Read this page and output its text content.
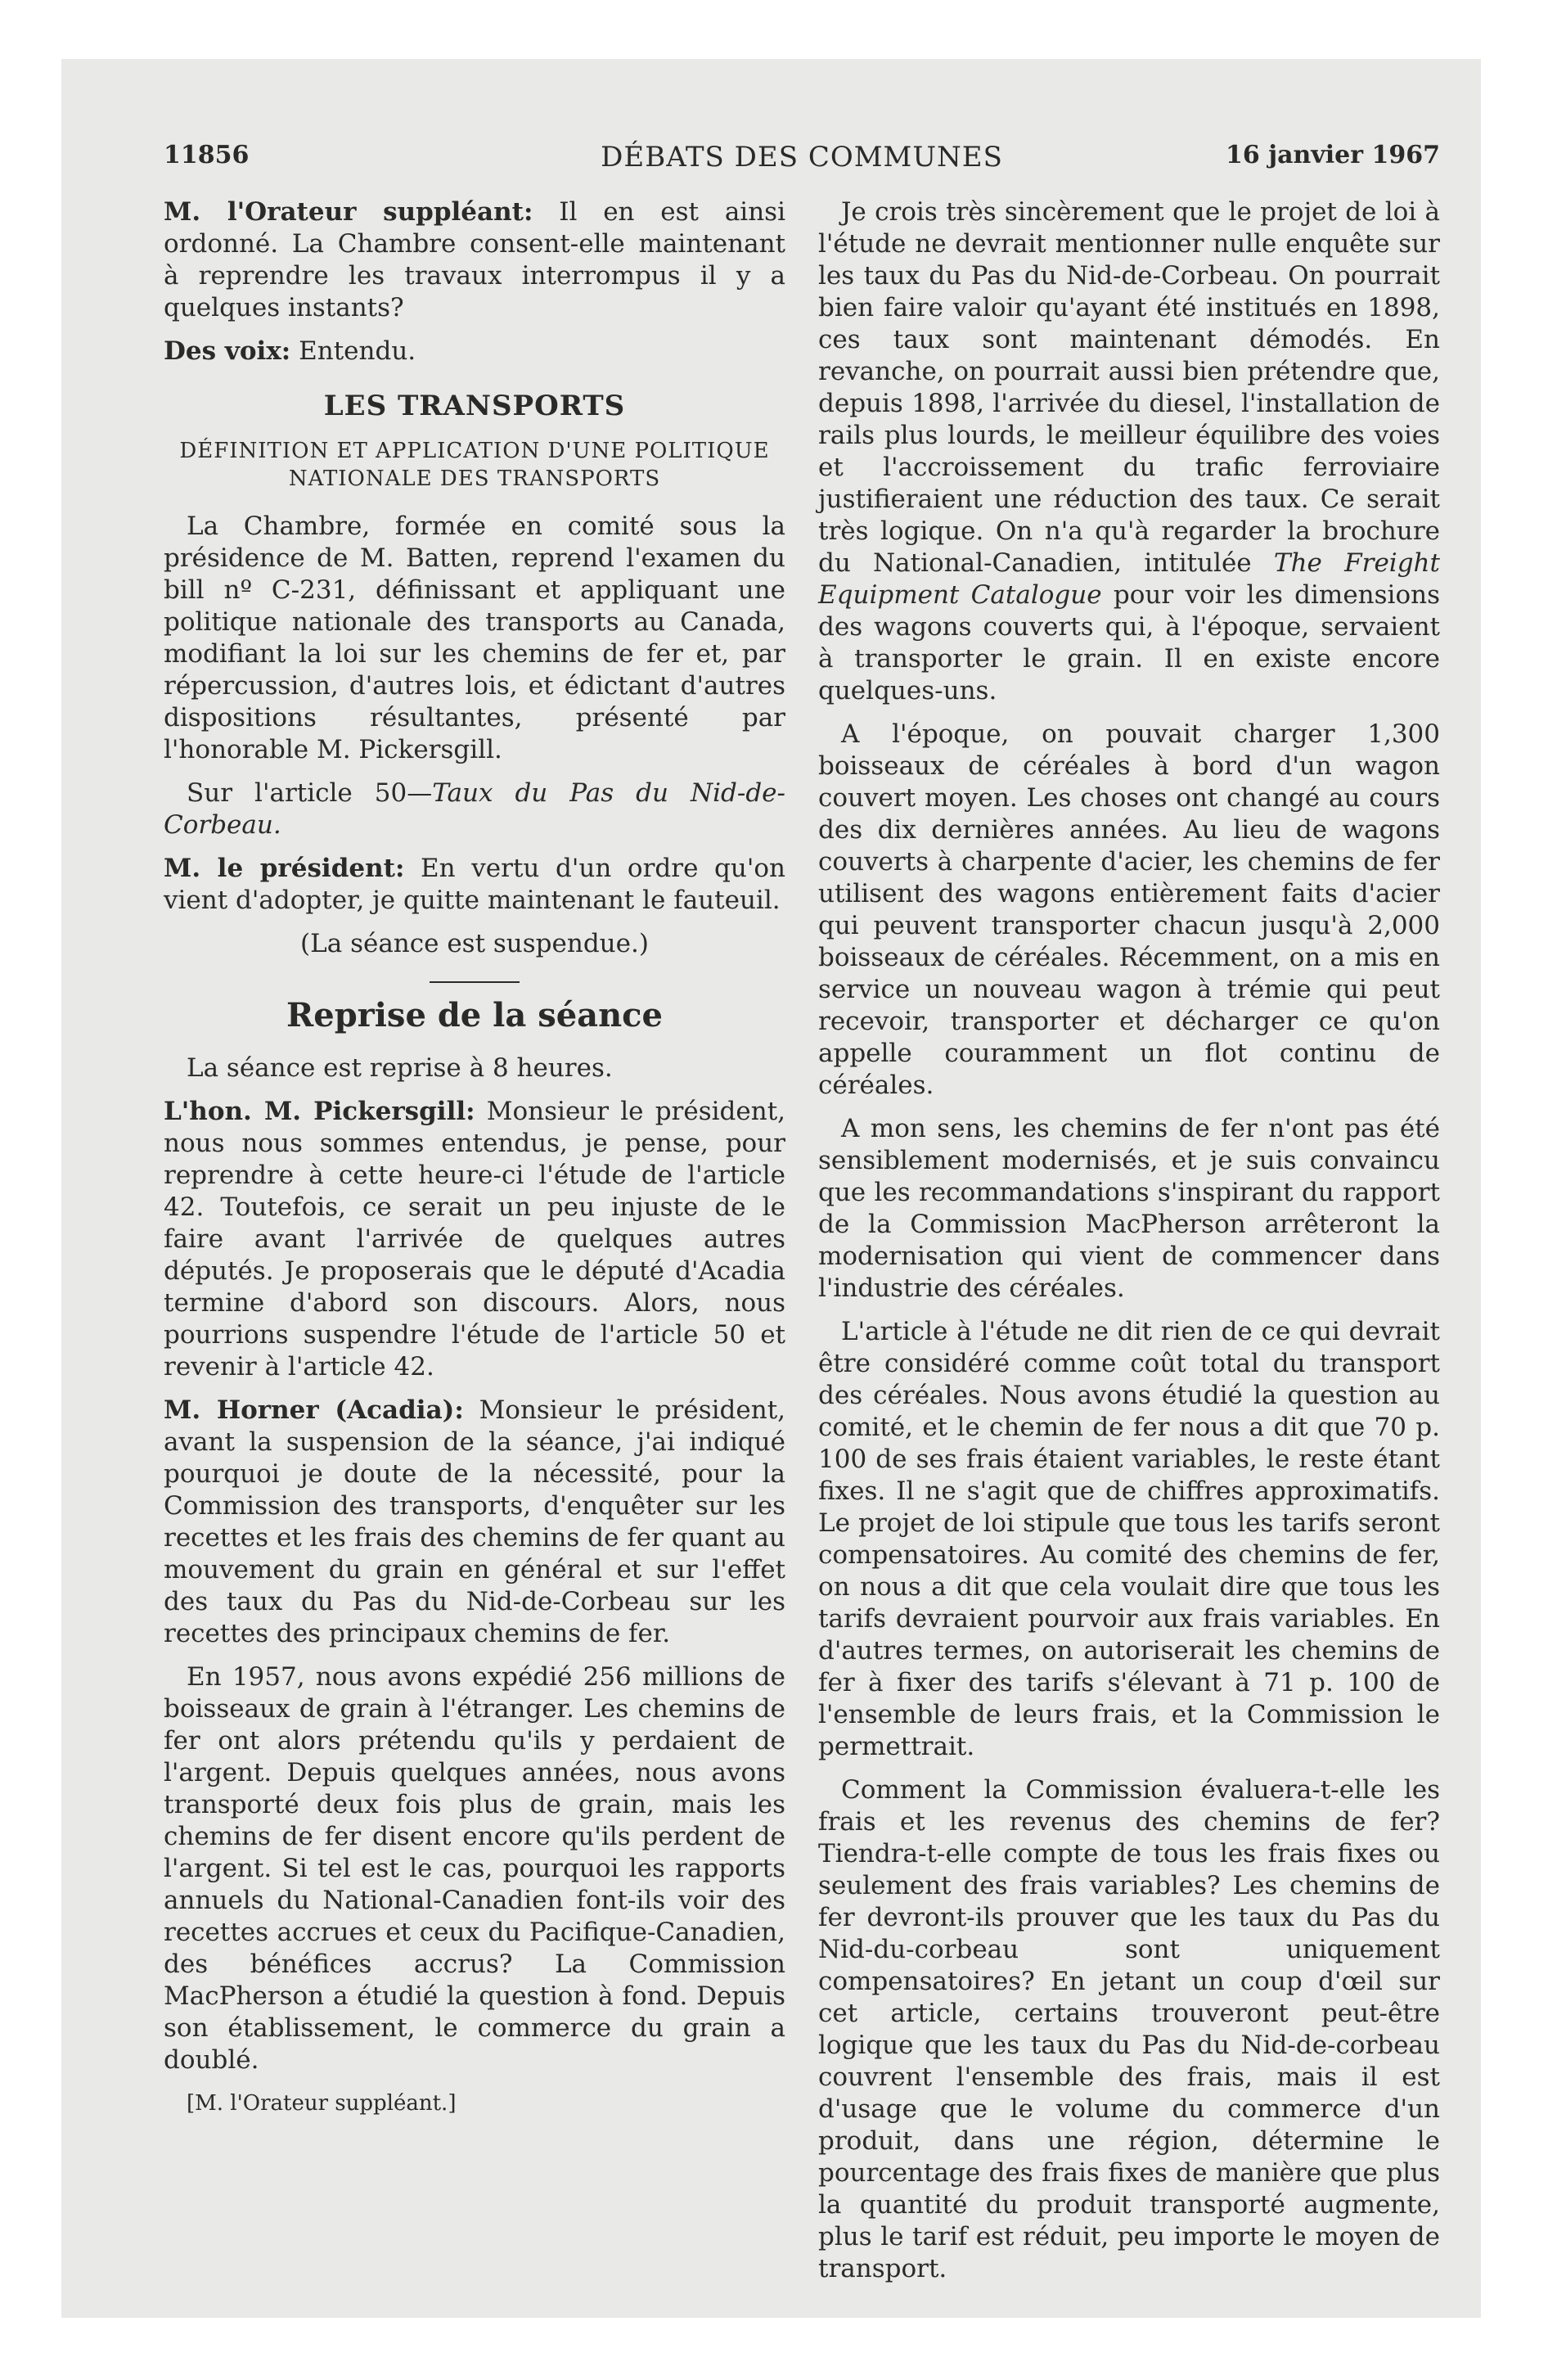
DÉBATS DES COMMUNES
11856	16 janvier 1967

M. l'Orateur suppléant: Il en est ainsi ordonné. La Chambre consent-elle maintenant à reprendre les travaux interrompus il y a quelques instants?

Des voix: Entendu.

LES TRANSPORTS
DÉFINITION ET APPLICATION D'UNE POLITIQUE NATIONALE DES TRANSPORTS

La Chambre, formée en comité sous la présidence de M. Batten, reprend l'examen du bill nº C-231, définissant et appliquant une politique nationale des transports au Canada, modifiant la loi sur les chemins de fer et, par répercussion, d'autres lois, et édictant d'autres dispositions résultantes, présenté par l'honorable M. Pickersgill.

Sur l'article 50—Taux du Pas du Nid-de-Corbeau.

M. le président: En vertu d'un ordre qu'on vient d'adopter, je quitte maintenant le fauteuil.

(La séance est suspendue.)
Reprise de la séance

La séance est reprise à 8 heures.

L'hon. M. Pickersgill: Monsieur le président, nous nous sommes entendus, je pense, pour reprendre à cette heure-ci l'étude de l'article 42. Toutefois, ce serait un peu injuste de le faire avant l'arrivée de quelques autres députés. Je proposerais que le député d'Acadia termine d'abord son discours. Alors, nous pourrions suspendre l'étude de l'article 50 et revenir à l'article 42.

M. Horner (Acadia): Monsieur le président, avant la suspension de la séance, j'ai indiqué pourquoi je doute de la nécessité, pour la Commission des transports, d'enquêter sur les recettes et les frais des chemins de fer quant au mouvement du grain en général et sur l'effet des taux du Pas du Nid-de-Corbeau sur les recettes des principaux chemins de fer.

En 1957, nous avons expédié 256 millions de boisseaux de grain à l'étranger. Les chemins de fer ont alors prétendu qu'ils y perdaient de l'argent. Depuis quelques années, nous avons transporté deux fois plus de grain, mais les chemins de fer disent encore qu'ils perdent de l'argent. Si tel est le cas, pourquoi les rapports annuels du National-Canadien font-ils voir des recettes accrues et ceux du Pacifique-Canadien, des bénéfices accrus? La Commission MacPherson a étudié la question à fond. Depuis son établissement, le commerce du grain a doublé.

[M. l'Orateur suppléant.]

Je crois très sincèrement que le projet de loi à l'étude ne devrait mentionner nulle enquête sur les taux du Pas du Nid-de-Corbeau. On pourrait bien faire valoir qu'ayant été institués en 1898, ces taux sont maintenant démodés. En revanche, on pourrait aussi bien prétendre que, depuis 1898, l'arrivée du diesel, l'installation de rails plus lourds, le meilleur équilibre des voies et l'accroissement du trafic ferroviaire justifieraient une réduction des taux. Ce serait très logique. On n'a qu'à regarder la brochure du National-Canadien, intitulée The Freight Equipment Catalogue pour voir les dimensions des wagons couverts qui, à l'époque, servaient à transporter le grain. Il en existe encore quelques-uns.

A l'époque, on pouvait charger 1,300 boisseaux de céréales à bord d'un wagon couvert moyen. Les choses ont changé au cours des dix dernières années. Au lieu de wagons couverts à charpente d'acier, les chemins de fer utilisent des wagons entièrement faits d'acier qui peuvent transporter chacun jusqu'à 2,000 boisseaux de céréales. Récemment, on a mis en service un nouveau wagon à trémie qui peut recevoir, transporter et décharger ce qu'on appelle couramment un flot continu de céréales.

A mon sens, les chemins de fer n'ont pas été sensiblement modernisés, et je suis convaincu que les recommandations s'inspirant du rapport de la Commission MacPherson arrêteront la modernisation qui vient de commencer dans l'industrie des céréales.

L'article à l'étude ne dit rien de ce qui devrait être considéré comme coût total du transport des céréales. Nous avons étudié la question au comité, et le chemin de fer nous a dit que 70 p. 100 de ses frais étaient variables, le reste étant fixes. Il ne s'agit que de chiffres approximatifs. Le projet de loi stipule que tous les tarifs seront compensatoires. Au comité des chemins de fer, on nous a dit que cela voulait dire que tous les tarifs devraient pourvoir aux frais variables. En d'autres termes, on autoriserait les chemins de fer à fixer des tarifs s'élevant à 71 p. 100 de l'ensemble de leurs frais, et la Commission le permettrait.

Comment la Commission évaluera-t-elle les frais et les revenus des chemins de fer? Tiendra-t-elle compte de tous les frais fixes ou seulement des frais variables? Les chemins de fer devront-ils prouver que les taux du Pas du Nid-du-corbeau sont uniquement compensatoires? En jetant un coup d'œil sur cet article, certains trouveront peut-être logique que les taux du Pas du Nid-de-corbeau couvrent l'ensemble des frais, mais il est d'usage que le volume du commerce d'un produit, dans une région, détermine le pourcentage des frais fixes de manière que plus la quantité du produit transporté augmente, plus le tarif est réduit, peu importe le moyen de transport.
